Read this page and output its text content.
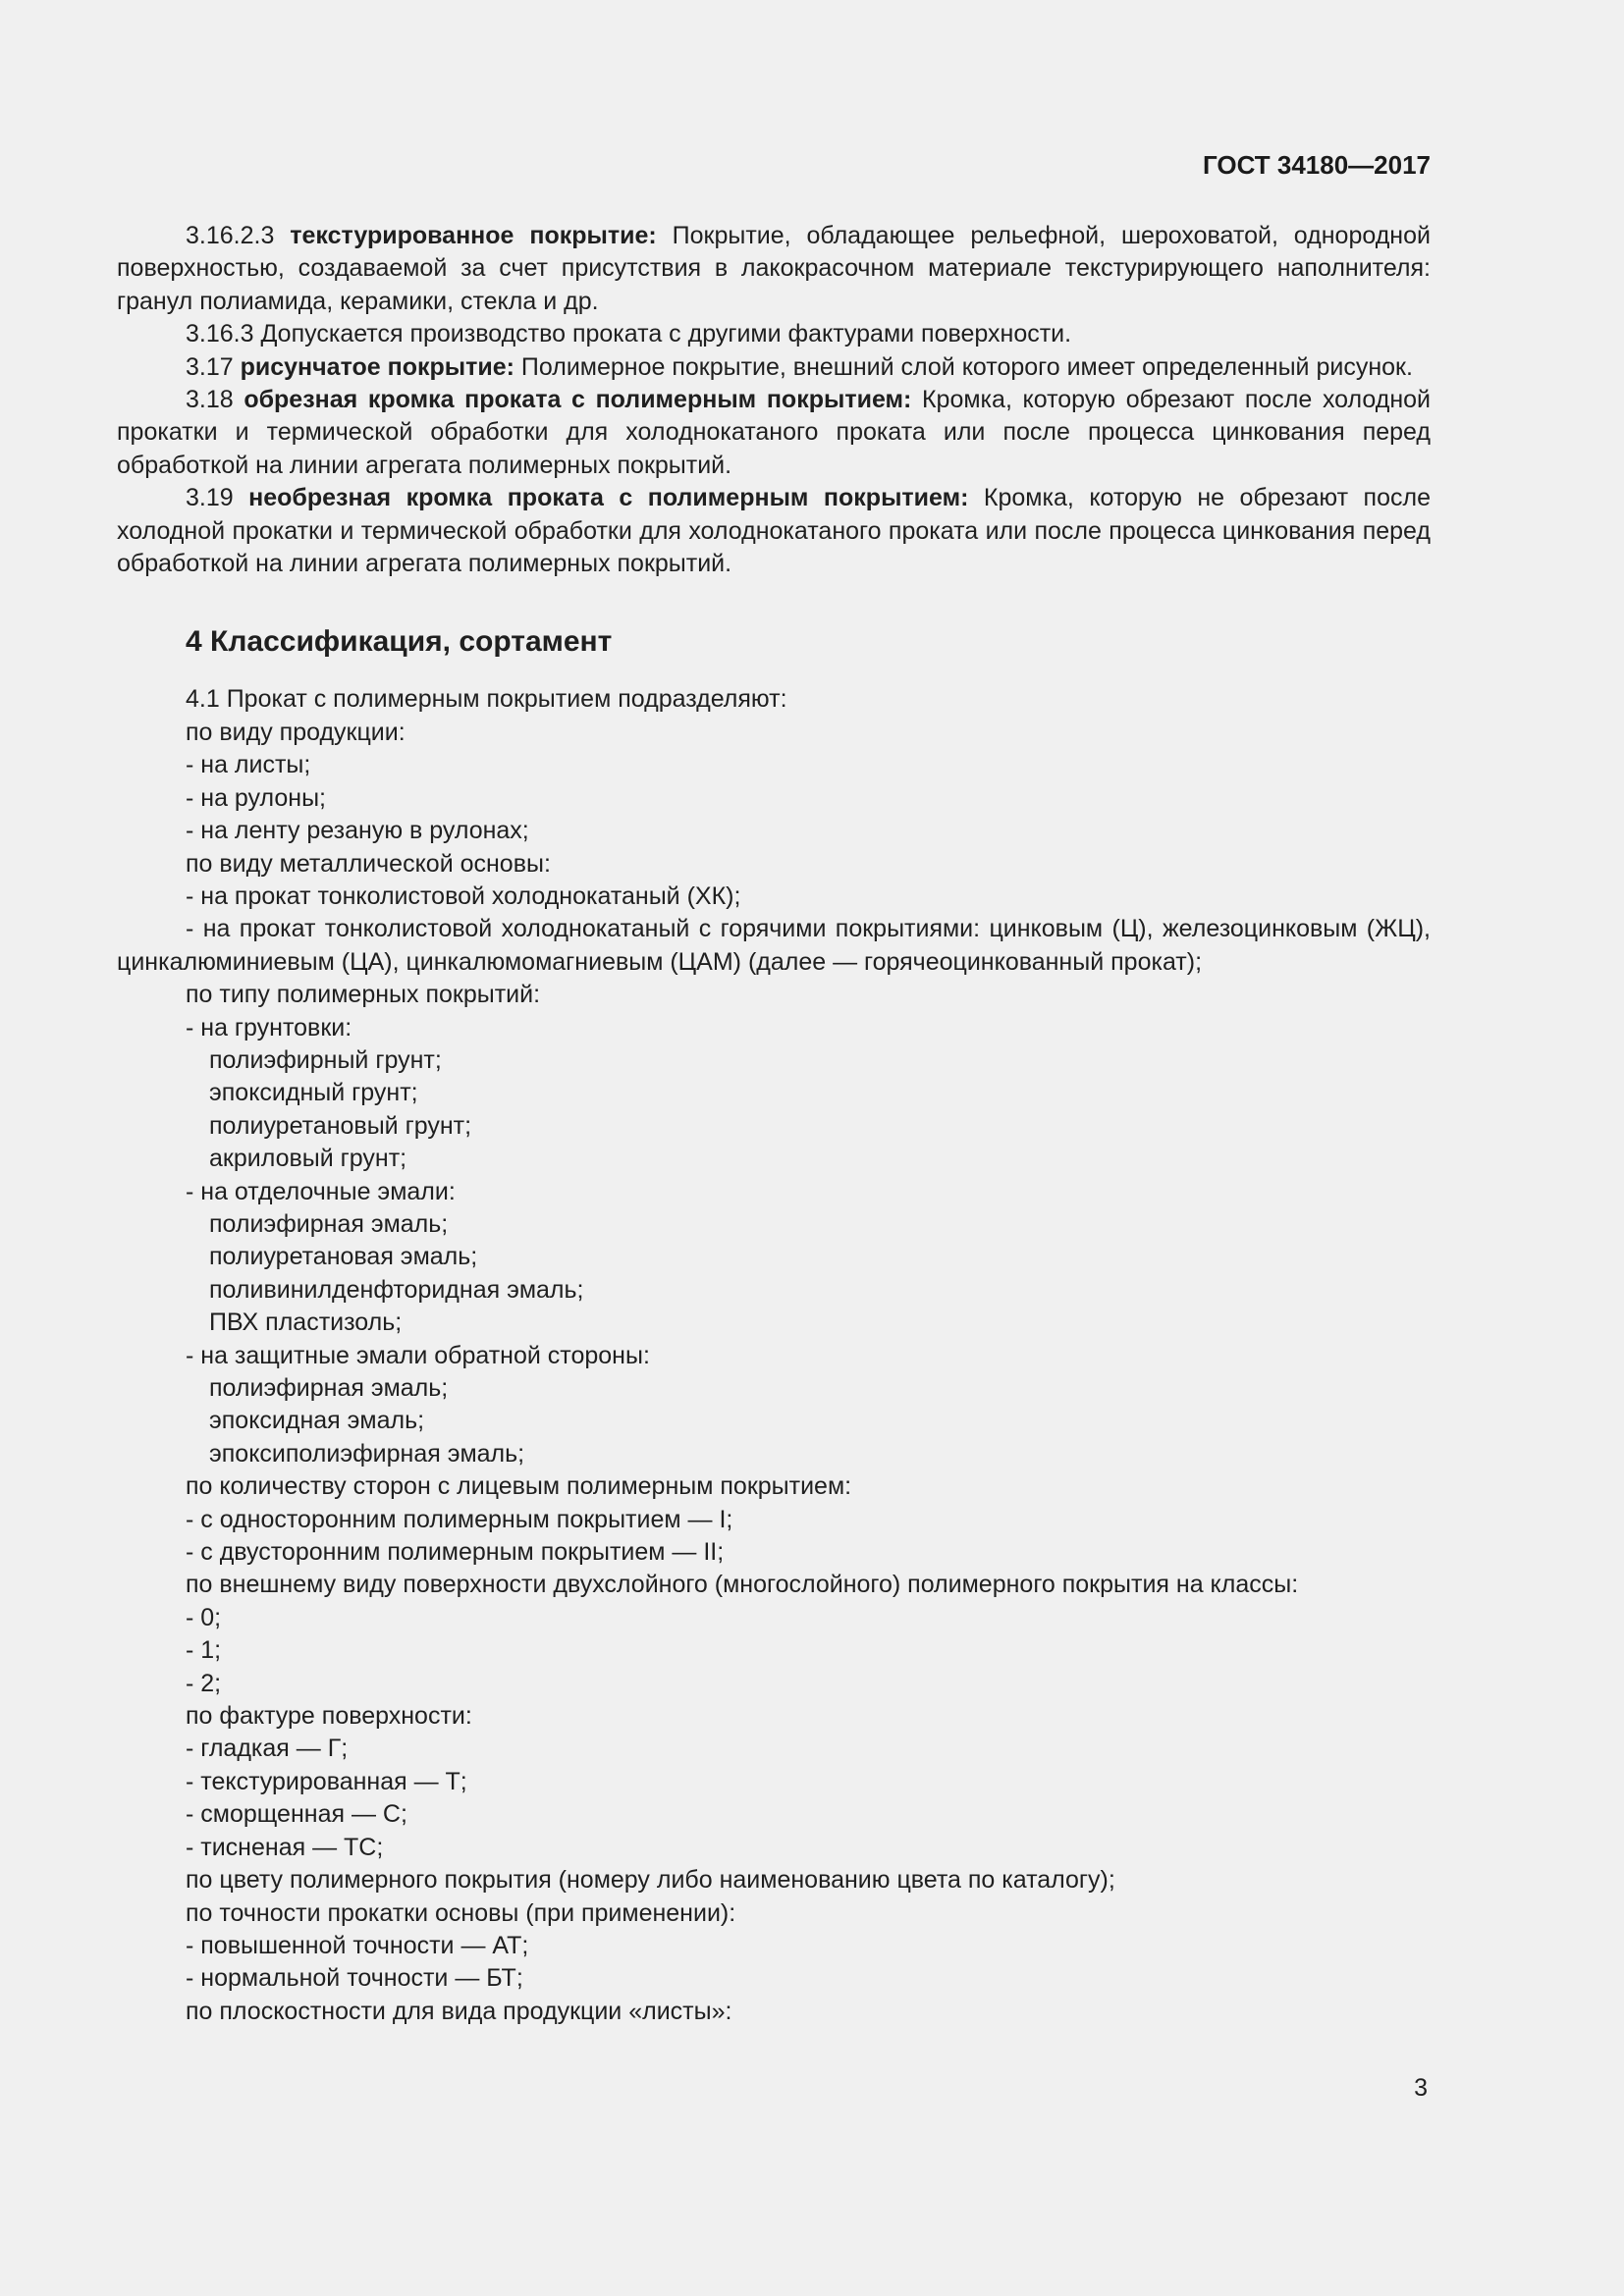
ГОСТ 34180—2017

3.16.2.3 текстурированное покрытие: Покрытие, обладающее рельефной, шероховатой, однородной поверхностью, создаваемой за счет присутствия в лакокрасочном материале текстурирующего наполнителя: гранул полиамида, керамики, стекла и др.

3.16.3 Допускается производство проката с другими фактурами поверхности.

3.17 рисунчатое покрытие: Полимерное покрытие, внешний слой которого имеет определенный рисунок.

3.18 обрезная кромка проката с полимерным покрытием: Кромка, которую обрезают после холодной прокатки и термической обработки для холоднокатаного проката или после процесса цинкования перед обработкой на линии агрегата полимерных покрытий.

3.19 необрезная кромка проката с полимерным покрытием: Кромка, которую не обрезают после холодной прокатки и термической обработки для холоднокатаного проката или после процесса цинкования перед обработкой на линии агрегата полимерных покрытий.

4 Классификация, сортамент

4.1 Прокат с полимерным покрытием подразделяют:

по виду продукции:

- на листы;

- на рулоны;

- на ленту резаную в рулонах;

по виду металлической основы:

- на прокат тонколистовой холоднокатаный (ХК);

- на прокат тонколистовой холоднокатаный с горячими покрытиями: цинковым (Ц), железоцинковым (ЖЦ), цинкалюминиевым (ЦА), цинкалюмомагниевым (ЦАМ) (далее — горячеоцинкованный прокат);

по типу полимерных покрытий:

- на грунтовки:

полиэфирный грунт;

эпоксидный грунт;

полиуретановый грунт;

акриловый грунт;

- на отделочные эмали:

полиэфирная эмаль;

полиуретановая эмаль;

поливинилденфторидная эмаль;

ПВХ пластизоль;

- на защитные эмали обратной стороны:

полиэфирная эмаль;

эпоксидная эмаль;

эпоксиполиэфирная эмаль;

по количеству сторон с лицевым полимерным покрытием:

- с односторонним полимерным покрытием — I;

- с двусторонним полимерным покрытием — II;

по внешнему виду поверхности двухслойного (многослойного) полимерного покрытия на классы:

- 0;

- 1;

- 2;

по фактуре поверхности:

- гладкая — Г;

- текстурированная — Т;

- сморщенная — С;

- тисненая — ТС;

по цвету полимерного покрытия (номеру либо наименованию цвета по каталогу);

по точности прокатки основы (при применении):

- повышенной точности — АТ;

- нормальной точности — БТ;

по плоскостности для вида продукции «листы»:

3
